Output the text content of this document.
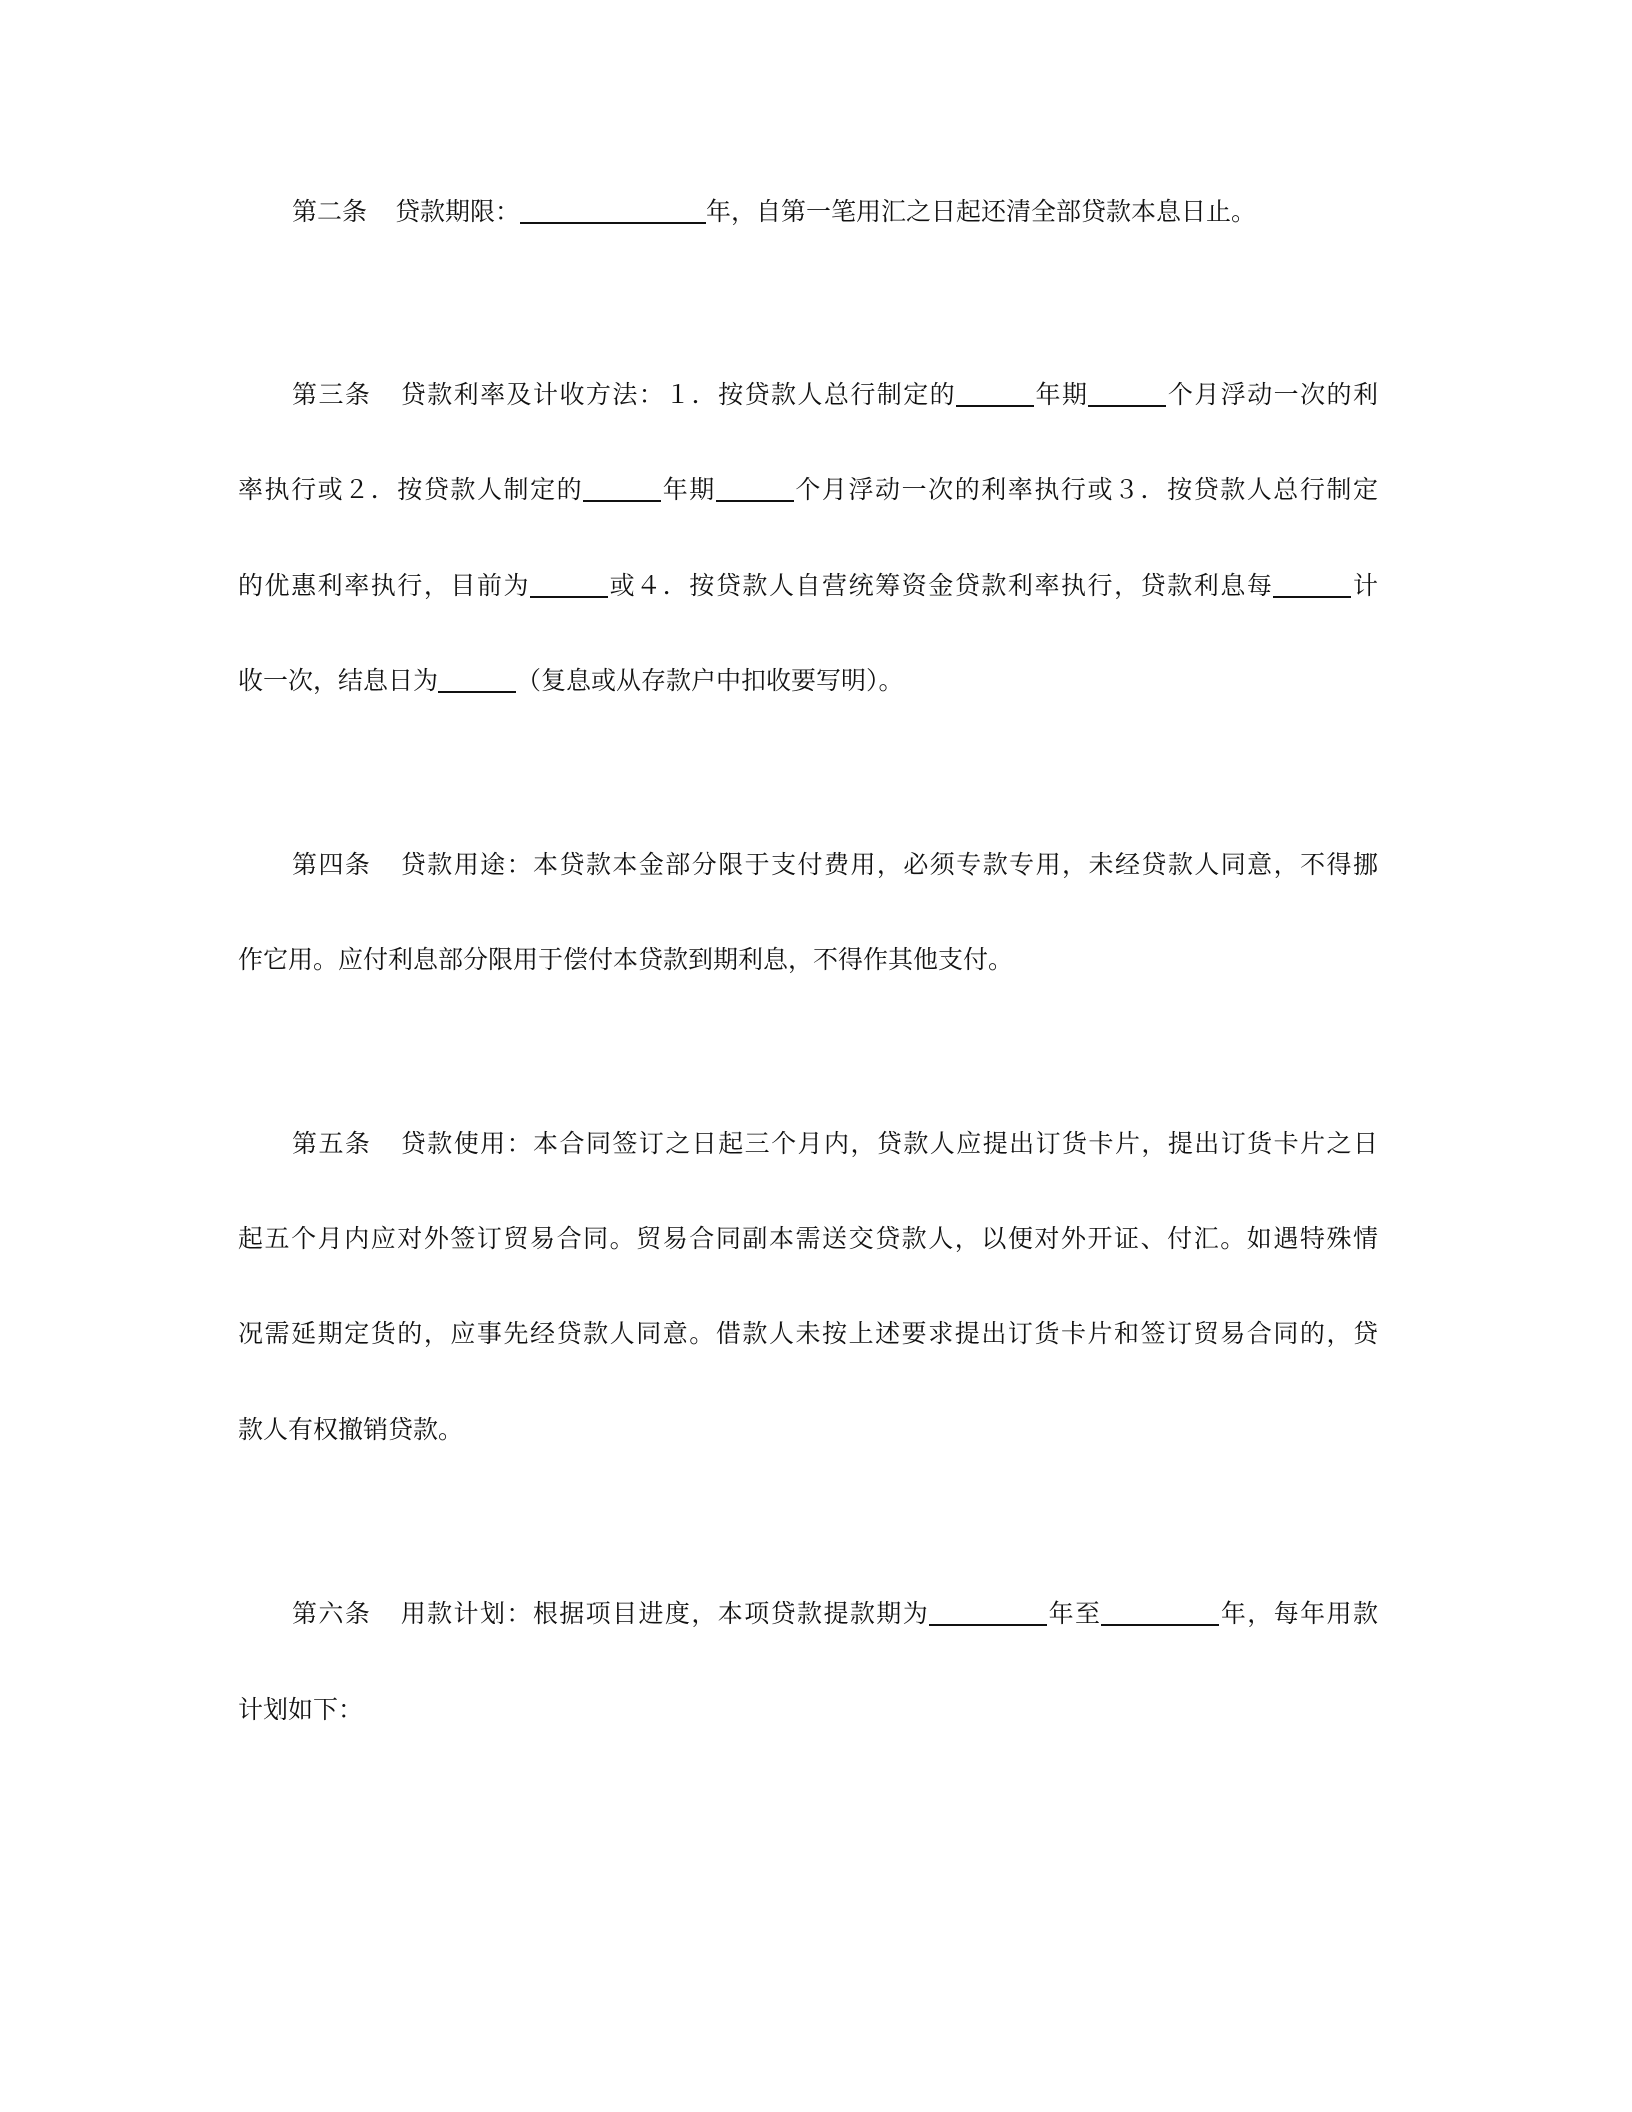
第二条 贷款期限：	年，自第一笔用汇之日起还清全部贷款本息日止。
第三条 贷款利率及计收方法：１．按贷款人总行制定的	年期	个月浮动一次的利
率执行或２．按贷款人制定的	年期	个月浮动一次的利率执行或３．按贷款人总行制定
的优惠利率执行，目前为	或４．按贷款人自营统筹资金贷款利率执行，贷款利息每	计
收一次，结息日为	（复息或从存款户中扣收要写明）。
第四条 贷款用途：本贷款本金部分限于支付费用，必须专款专用，未经贷款人同意，不得挪
作它用。应付利息部分限用于偿付本贷款到期利息，不得作其他支付。
第五条 贷款使用：本合同签订之日起三个月内，贷款人应提出订货卡片，提出订货卡片之日
起五个月内应对外签订贸易合同。贸易合同副本需送交贷款人，以便对外开证、付汇。如遇特殊情
况需延期定货的，应事先经贷款人同意。借款人未按上述要求提出订货卡片和签订贸易合同的，贷
款人有权撤销贷款。
第六条 用款计划：根据项目进度，本项贷款提款期为	年至	年，每年用款
计划如下：
